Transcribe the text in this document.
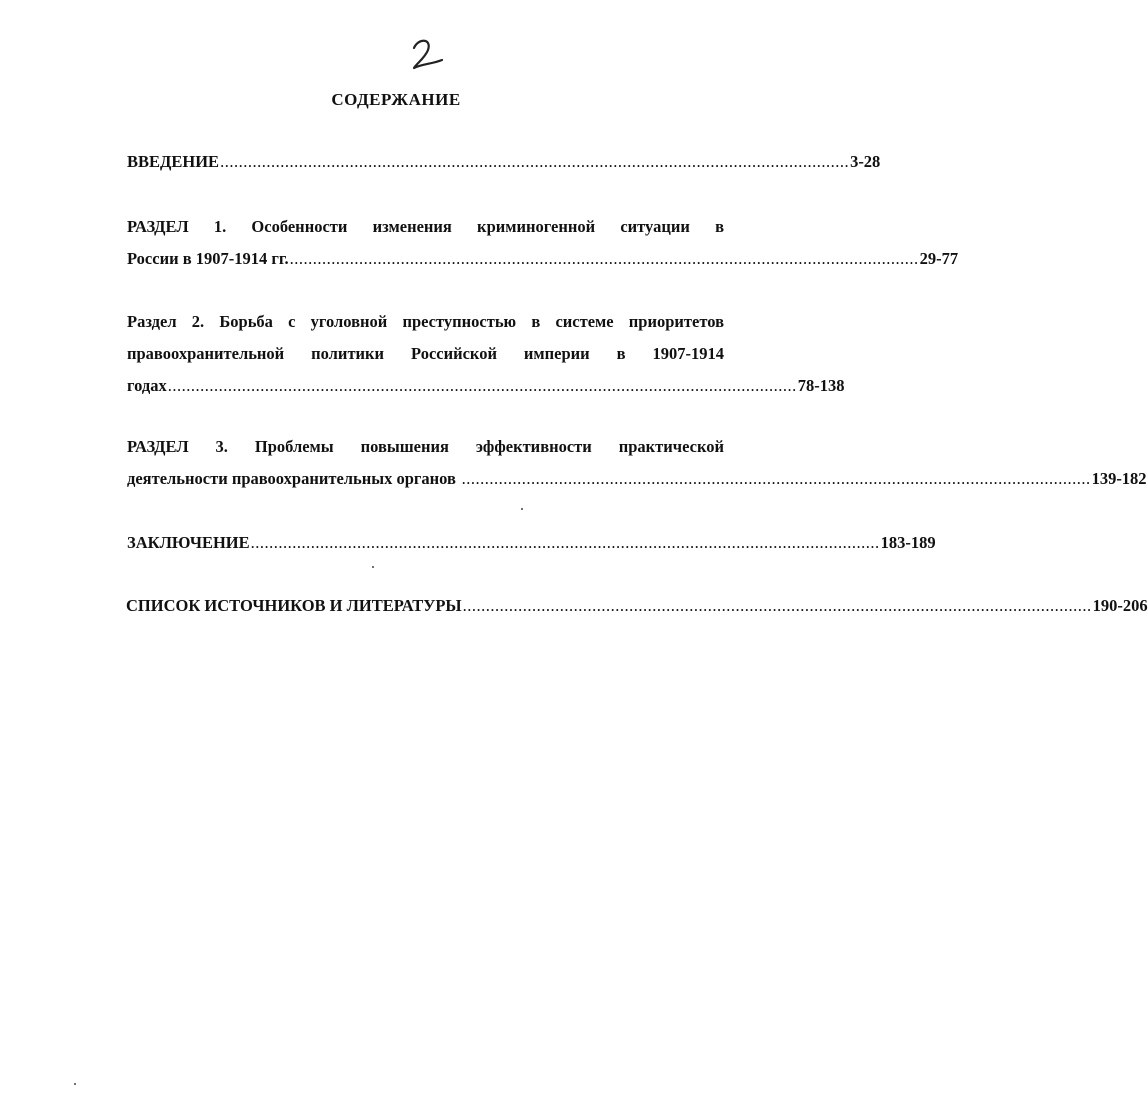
СОДЕРЖАНИЕ
ВВЕДЕНИЕ ........................................................................................................................................ 3-28
РАЗДЕЛ 1. Особенности изменения криминогенной ситуации в
России в 1907-1914 гг. ........................................................................................................................................ 29-77
Раздел 2. Борьба с уголовной преступностью в системе приоритетов
правоохранительной политики Российской империи в 1907-1914
годах ........................................................................................................................................ 78-138
РАЗДЕЛ 3. Проблемы повышения эффективности практической
деятельности правоохранительных органов ........................................................................................................................................ 139-182
ЗАКЛЮЧЕНИЕ ........................................................................................................................................ 183-189
СПИСОК ИСТОЧНИКОВ И ЛИТЕРАТУРЫ ........................................................................................................................................ 190-206
